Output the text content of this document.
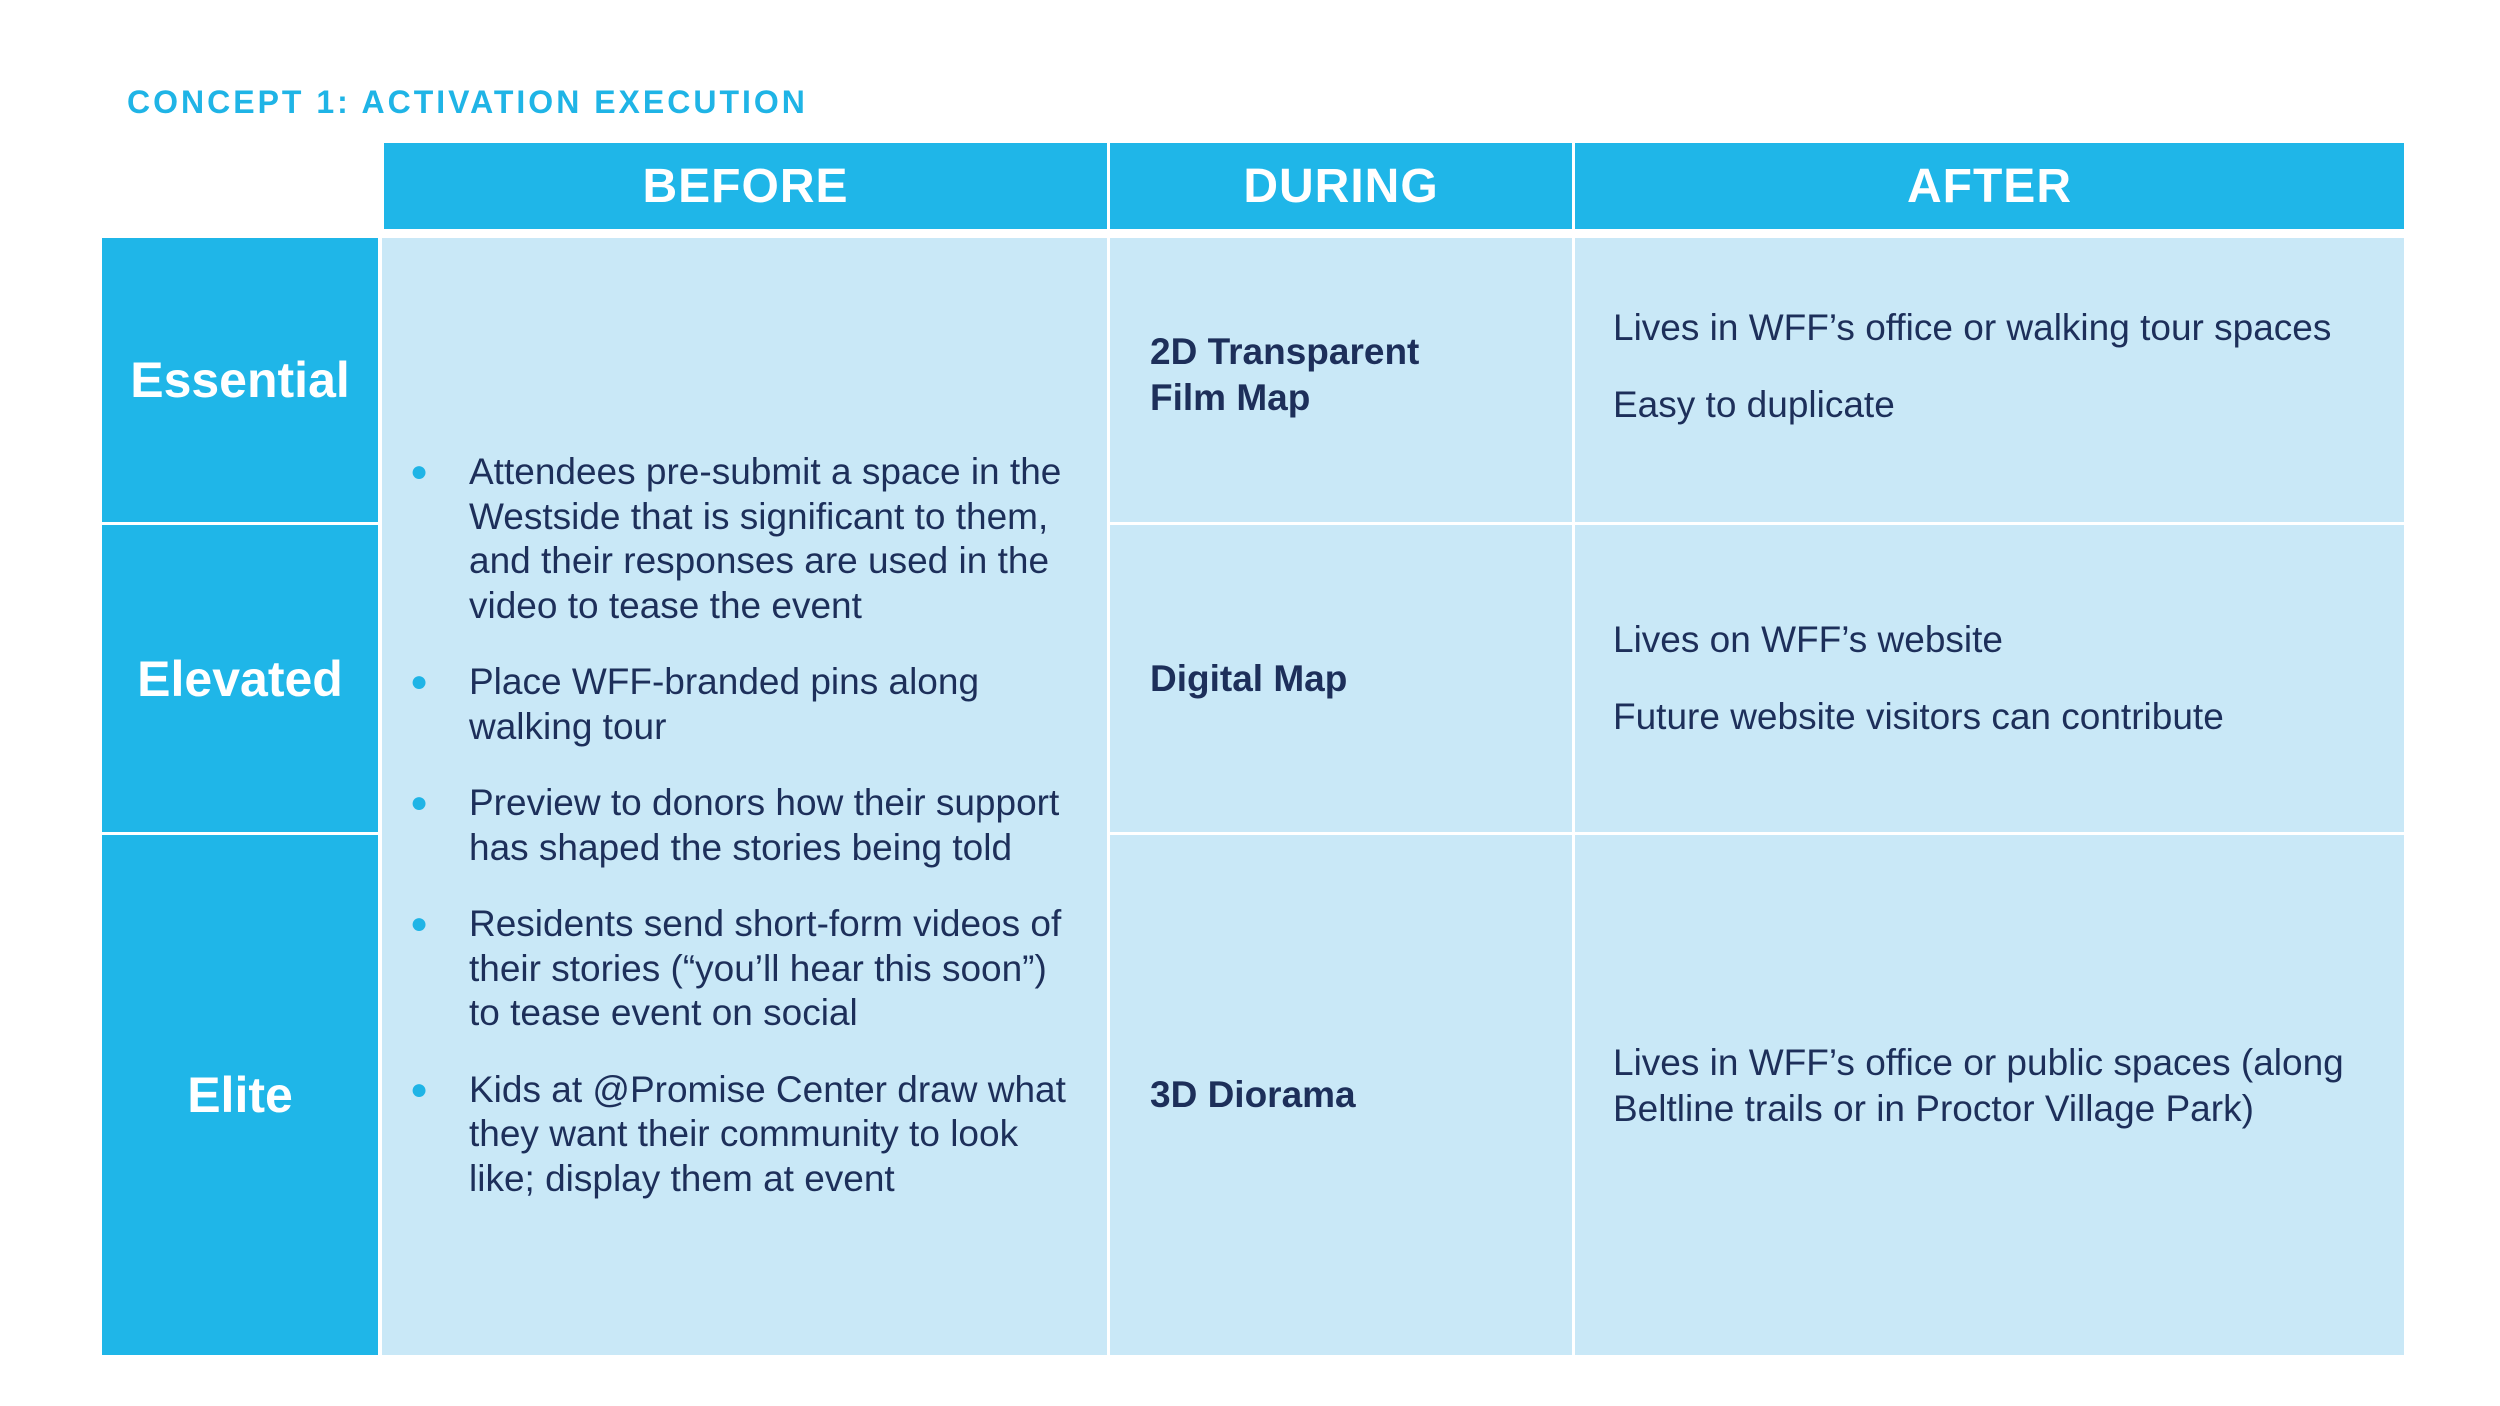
CONCEPT 1: ACTIVATION EXECUTION
BEFORE	DURING	AFTER
Essential
Elevated
Elite
● Attendees pre-submit a space in the Westside that is significant to them, and their responses are used in the video to tease the event
● Place WFF-branded pins along walking tour
● Preview to donors how their support has shaped the stories being told
● Residents send short-form videos of their stories (“you’ll hear this soon”) to tease event on social
● Kids at @Promise Center draw what they want their community to look like; display them at event
2D Transparent Film Map
Digital Map
3D Diorama

Lives in WFF’s office or walking tour spaces

Easy to duplicate

Lives on WFF’s website

Future website visitors can contribute

Lives in WFF’s office or public spaces (along Beltline trails or in Proctor Village Park)
